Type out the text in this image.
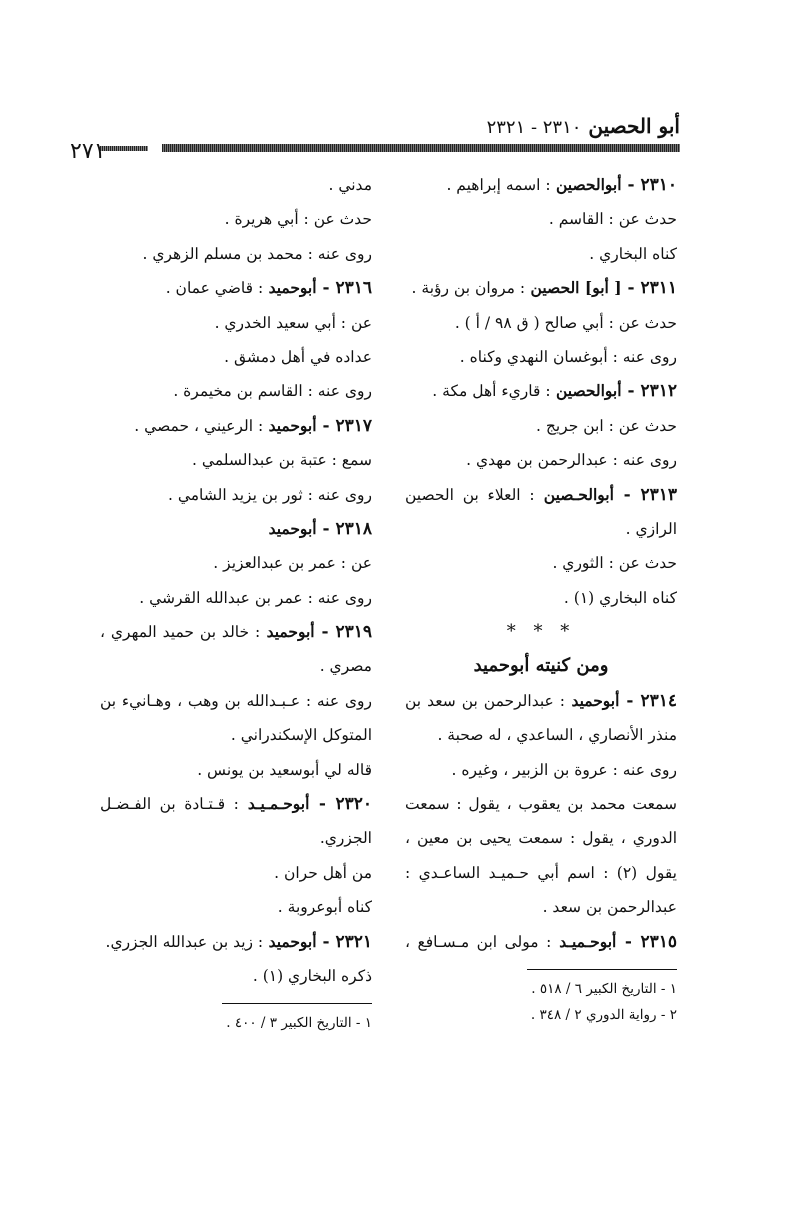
أبو الحصين ٢٣١٠ - ٢٣٢١
٢٧١
٢٣١٠ - أبوالحصين : اسمه إبراهيم .
حدث عن : القاسم .
كناه البخاري .
٢٣١١ - [ أبو] الحصين : مروان بن رؤبة .
حدث عن : أبي صالح ( ق ٩٨ / أ ) .
روى عنه : أبوغسان النهدي وكناه .
٢٣١٢ - أبوالحصين : قاريء أهل مكة .
حدث عن : ابن جريج .
روى عنه : عبدالرحمن بن مهدي .
٢٣١٣ - أبوالحـصين : العلاء بن الحصين
الرازي .
حدث عن : الثوري .
كناه البخاري (١) .
* * *
ومن كنيته أبوحميد
٢٣١٤ - أبوحميد : عبدالرحمن بن سعد بن
منذر الأنصاري ، الساعدي ، له صحبة .
روى عنه : عروة بن الزبير ، وغيره .
سمعت محمد بن يعقوب ، يقول : سمعت
الدوري ، يقول : سمعت يحيى بن معين ،
يقول (٢) : اسم أبي حـميـد الساعـدي :
عبدالرحمن بن سعد .
٢٣١٥ - أبوحـميـد : مولى ابن مـسـافع ،
١ - التاريخ الكبير ٦ / ٥١٨ .
٢ - رواية الدوري ٢ / ٣٤٨ .
مدني .
حدث عن : أبي هريرة .
روى عنه : محمد بن مسلم الزهري .
٢٣١٦ - أبوحميد : قاضي عمان .
عن : أبي سعيد الخدري .
عداده في أهل دمشق .
روى عنه : القاسم بن مخيمرة .
٢٣١٧ - أبوحميد : الرعيني ، حمصي .
سمع : عتبة بن عبدالسلمي .
روى عنه : ثور بن يزيد الشامي .
٢٣١٨ - أبوحميد
عن : عمر بن عبدالعزيز .
روى عنه : عمر بن عبدالله القرشي .
٢٣١٩ - أبوحميد : خالد بن حميد المهري ،
مصري .
روى عنه : عـبـدالله بن وهب ، وهـانيء بن
المتوكل الإسكندراني .
قاله لي أبوسعيد بن يونس .
٢٣٢٠ - أبوحـمـيـد : قـتـادة بن الفـضـل
الجزري.
من أهل حران .
كناه أبوعروبة .
٢٣٢١ - أبوحميد : زيد بن عبدالله الجزري.
ذكره البخاري (١) .
١ - التاريخ الكبير ٣ / ٤٠٠ .
